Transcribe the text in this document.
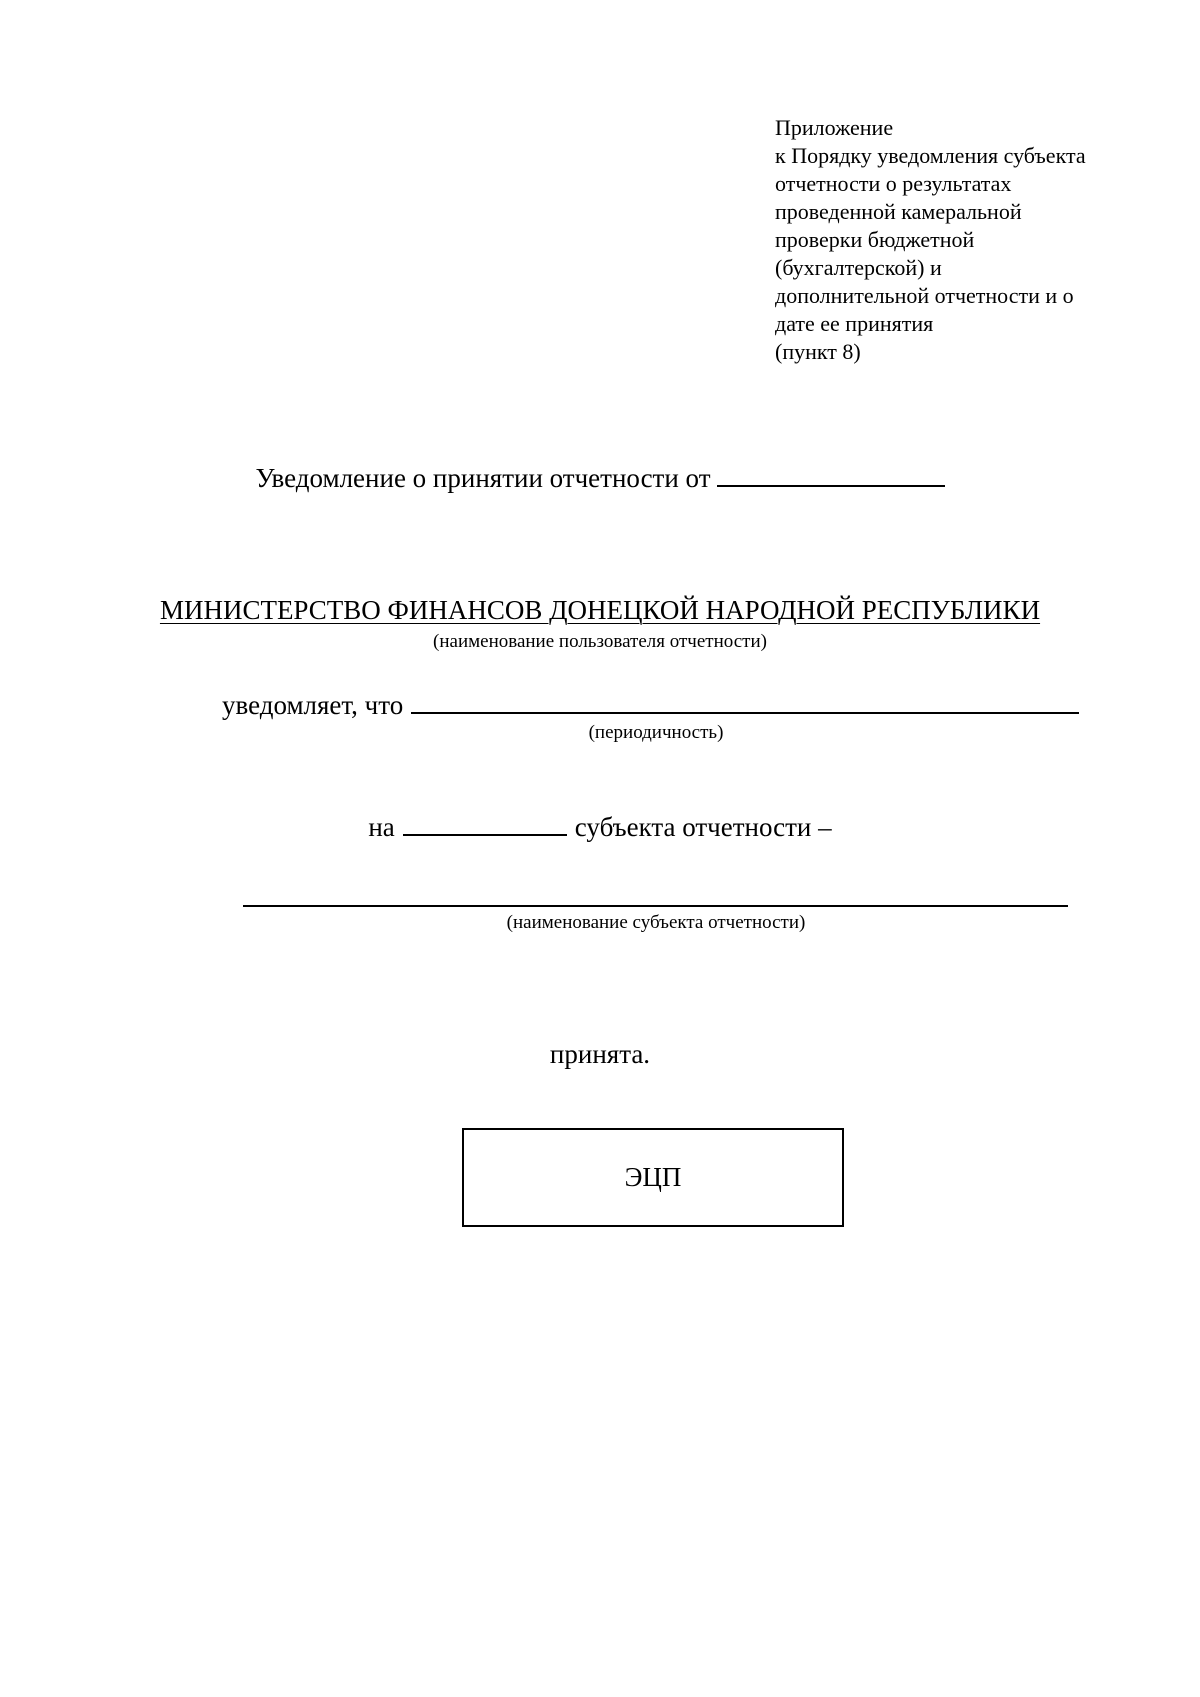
Приложение
к Порядку уведомления субъекта
отчетности о результатах
проведенной камеральной
проверки бюджетной
(бухгалтерской) и
дополнительной отчетности и о
дате ее принятия
(пункт 8)
Уведомление о принятии отчетности от
МИНИСТЕРСТВО ФИНАНСОВ ДОНЕЦКОЙ НАРОДНОЙ РЕСПУБЛИКИ
(наименование пользователя отчетности)
уведомляет, что
(периодичность)
на	субъекта отчетности –
(наименование субъекта отчетности)
принята.
ЭЦП
